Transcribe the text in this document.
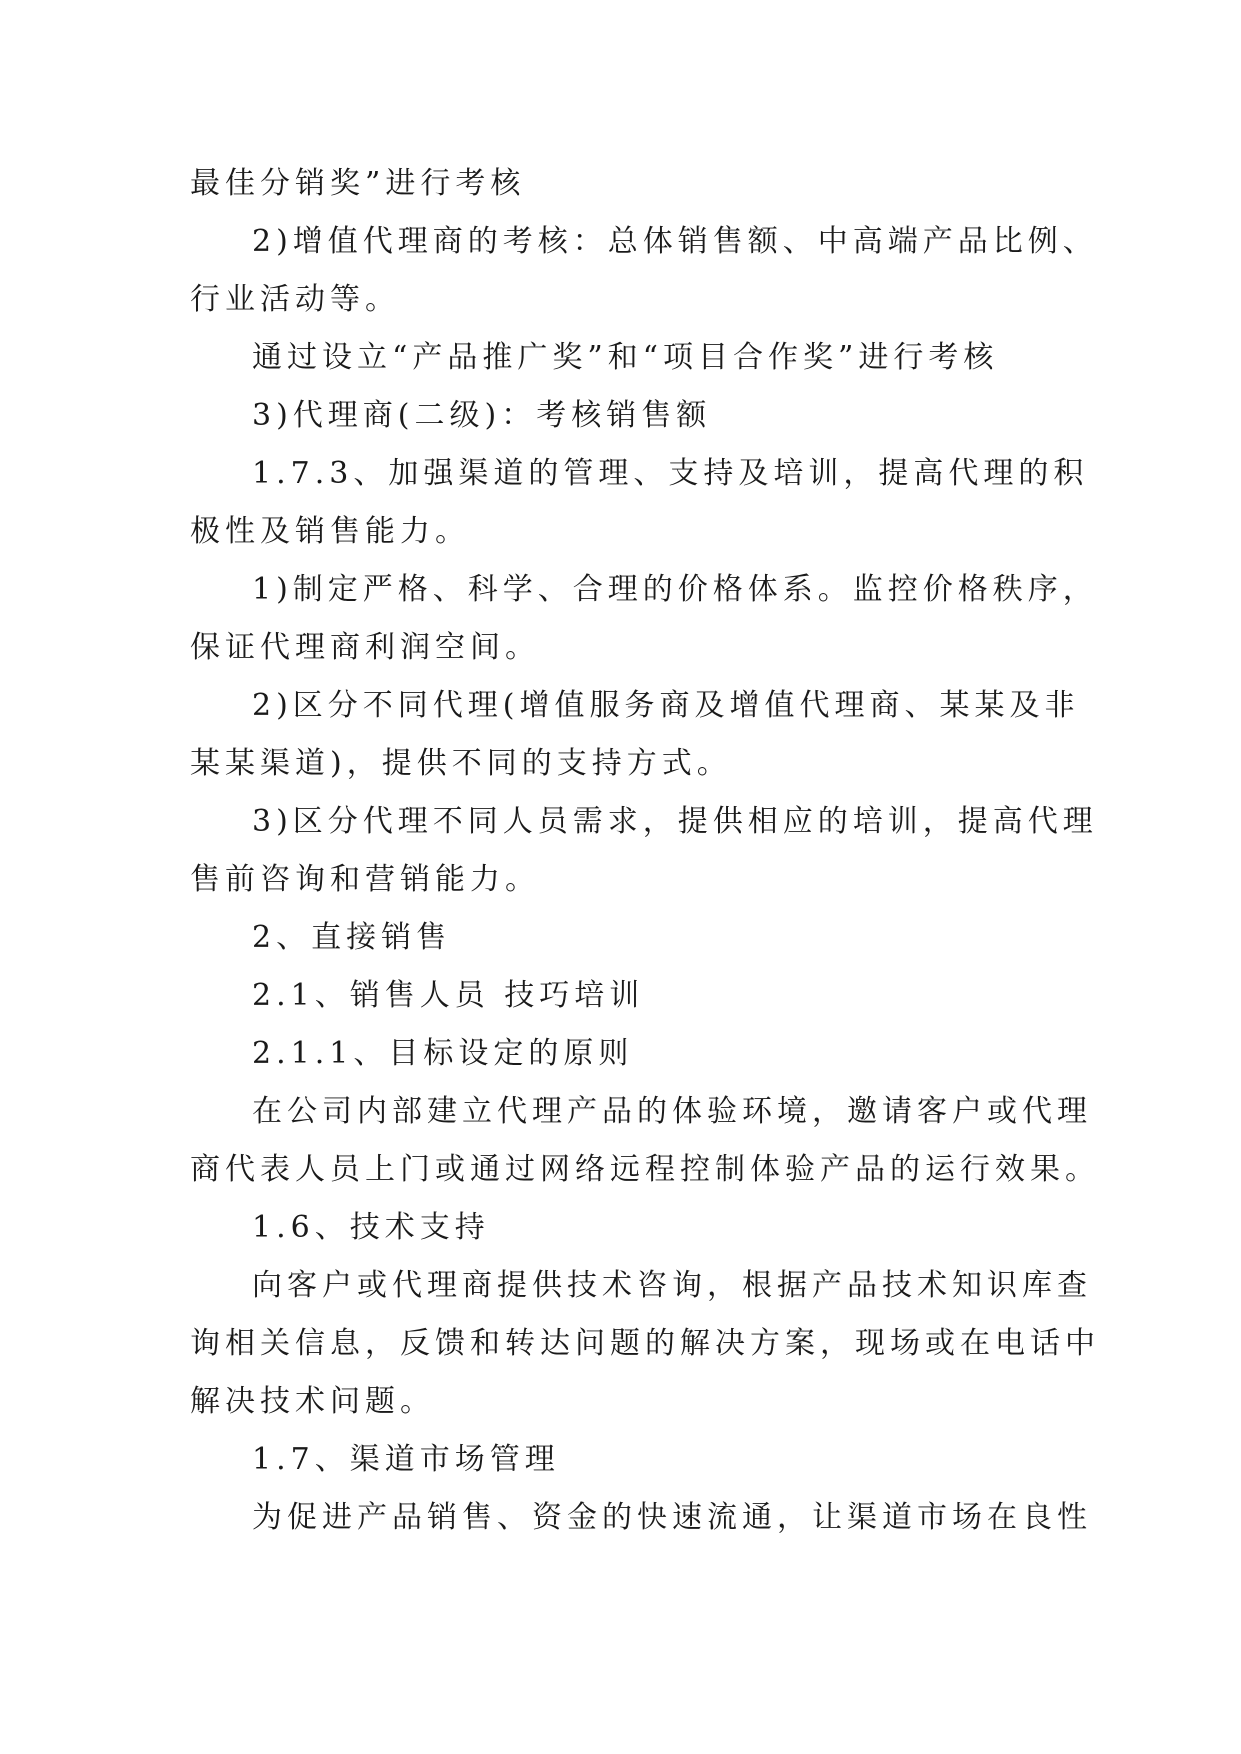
最佳分销奖”进行考核

2)增值代理商的考核：总体销售额、中高端产品比例、

行业活动等。

通过设立“产品推广奖”和“项目合作奖”进行考核

3)代理商(二级)：考核销售额

1.7.3、加强渠道的管理、支持及培训，提高代理的积

极性及销售能力。

1)制定严格、科学、合理的价格体系。监控价格秩序，

保证代理商利润空间。

2)区分不同代理(增值服务商及增值代理商、某某及非

某某渠道)，提供不同的支持方式。

3)区分代理不同人员需求，提供相应的培训，提高代理

售前咨询和营销能力。

2、直接销售

2.1、销售人员 技巧培训

2.1.1、目标设定的原则

在公司内部建立代理产品的体验环境，邀请客户或代理

商代表人员上门或通过网络远程控制体验产品的运行效果。

1.6、技术支持

向客户或代理商提供技术咨询，根据产品技术知识库查

询相关信息，反馈和转达问题的解决方案，现场或在电话中

解决技术问题。

1.7、渠道市场管理

为促进产品销售、资金的快速流通，让渠道市场在良性
